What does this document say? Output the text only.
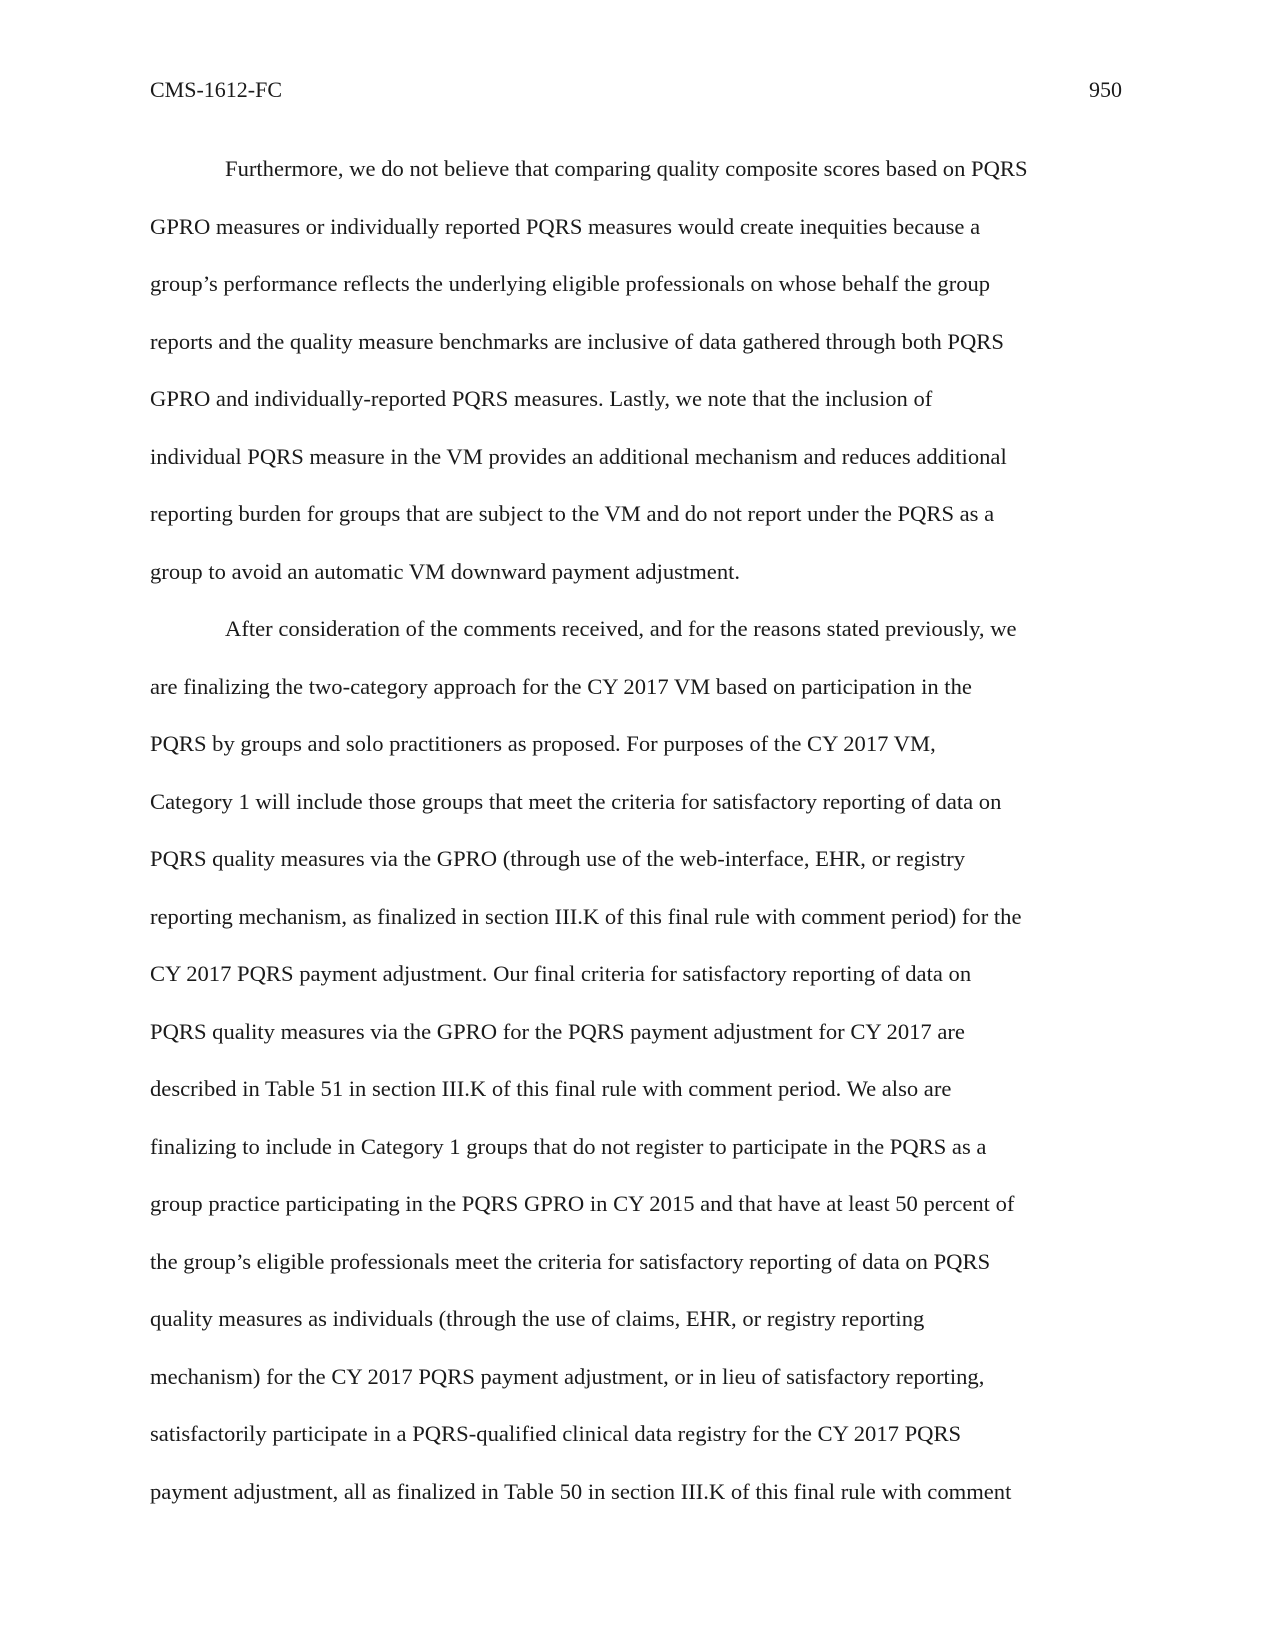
CMS-1612-FC	950
Furthermore, we do not believe that comparing quality composite scores based on PQRS
GPRO measures or individually reported PQRS measures would create inequities because a
group’s performance reflects the underlying eligible professionals on whose behalf the group
reports and the quality measure benchmarks are inclusive of data gathered through both PQRS
GPRO and individually-reported PQRS measures. Lastly, we note that the inclusion of
individual PQRS measure in the VM provides an additional mechanism and reduces additional
reporting burden for groups that are subject to the VM and do not report under the PQRS as a
group to avoid an automatic VM downward payment adjustment.
After consideration of the comments received, and for the reasons stated previously, we
are finalizing the two-category approach for the CY 2017 VM based on participation in the
PQRS by groups and solo practitioners as proposed. For purposes of the CY 2017 VM,
Category 1 will include those groups that meet the criteria for satisfactory reporting of data on
PQRS quality measures via the GPRO (through use of the web-interface, EHR, or registry
reporting mechanism, as finalized in section III.K of this final rule with comment period) for the
CY 2017 PQRS payment adjustment. Our final criteria for satisfactory reporting of data on
PQRS quality measures via the GPRO for the PQRS payment adjustment for CY 2017 are
described in Table 51 in section III.K of this final rule with comment period. We also are
finalizing to include in Category 1 groups that do not register to participate in the PQRS as a
group practice participating in the PQRS GPRO in CY 2015 and that have at least 50 percent of
the group’s eligible professionals meet the criteria for satisfactory reporting of data on PQRS
quality measures as individuals (through the use of claims, EHR, or registry reporting
mechanism) for the CY 2017 PQRS payment adjustment, or in lieu of satisfactory reporting,
satisfactorily participate in a PQRS-qualified clinical data registry for the CY 2017 PQRS
payment adjustment, all as finalized in Table 50 in section III.K of this final rule with comment
